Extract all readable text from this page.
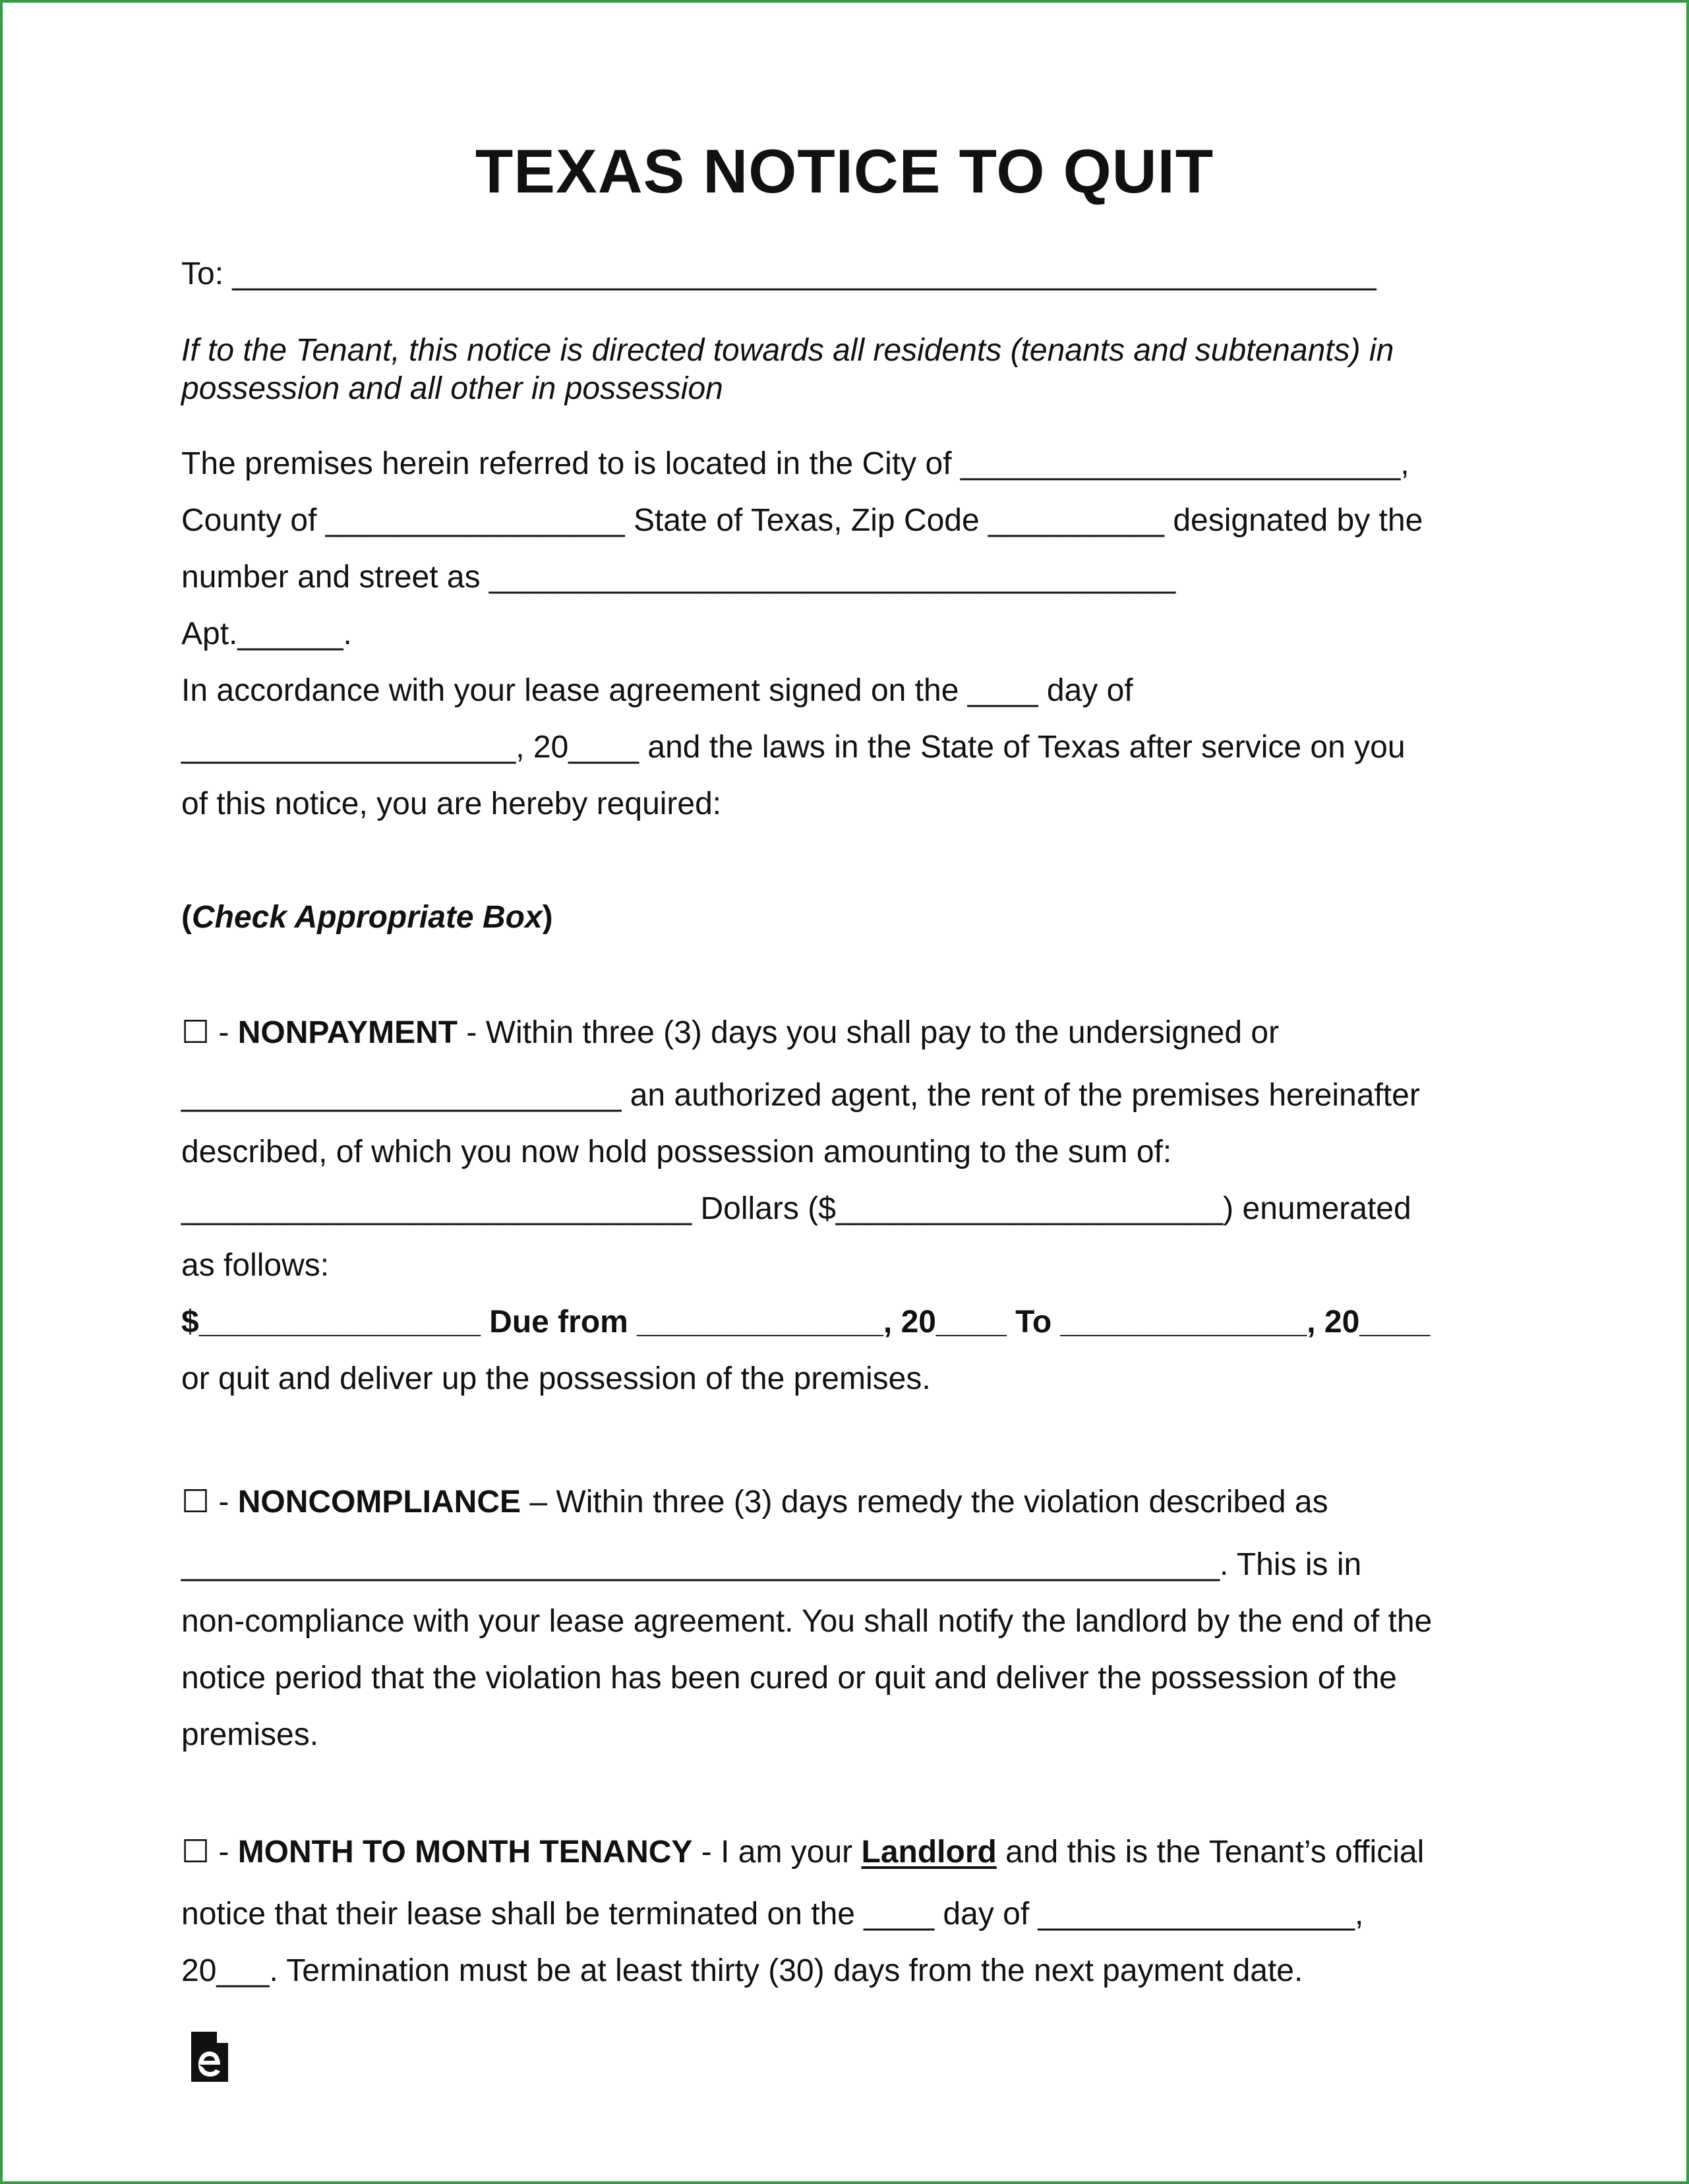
TEXAS NOTICE TO QUIT
To: _________________________________________________________________
If to the Tenant, this notice is directed towards all residents (tenants and subtenants) in
possession and all other in possession
The premises herein referred to is located in the City of _________________________,
County of _________________ State of Texas, Zip Code __________ designated by the
number and street as _______________________________________
Apt.______.
In accordance with your lease agreement signed on the ____ day of
___________________, 20____ and the laws in the State of Texas after service on you
of this notice, you are hereby required:
(Check Appropriate Box)
☐ - NONPAYMENT - Within three (3) days you shall pay to the undersigned or
_________________________ an authorized agent, the rent of the premises hereinafter
described, of which you now hold possession amounting to the sum of:
_____________________________ Dollars ($______________________) enumerated
as follows:
$________________ Due from ______________, 20____ To ______________, 20____
or quit and deliver up the possession of the premises.
☐ - NONCOMPLIANCE – Within three (3) days remedy the violation described as
___________________________________________________________. This is in
non-compliance with your lease agreement. You shall notify the landlord by the end of the
notice period that the violation has been cured or quit and deliver the possession of the
premises.
☐ - MONTH TO MONTH TENANCY - I am your Landlord and this is the Tenant’s official
notice that their lease shall be terminated on the ____ day of __________________,
20___. Termination must be at least thirty (30) days from the next payment date.
